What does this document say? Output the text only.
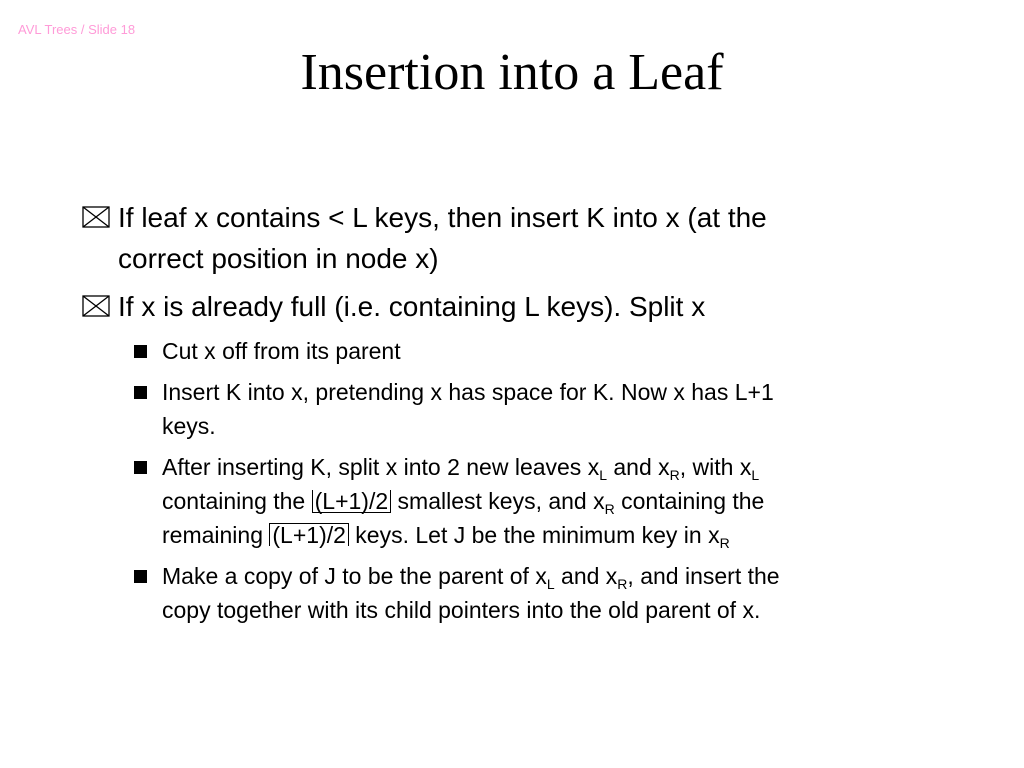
AVL Trees / Slide 18
Insertion into a Leaf
If leaf x contains < L keys, then insert K into x (at the
correct position in node x)
If x is already full (i.e. containing L keys). Split x
Cut x off from its parent
Insert K into x, pretending x has space for K. Now x has L+1
keys.
After inserting K, split x into 2 new leaves $x_L$ and $x_R$, with $x_L$
containing the (L+1)/2 smallest keys, and $x_R$ containing the
remaining (L+1)/2 keys. Let J be the minimum key in $x_R$
Make a copy of J to be the parent of $x_L$ and $x_R$, and insert the
copy together with its child pointers into the old parent of x.
